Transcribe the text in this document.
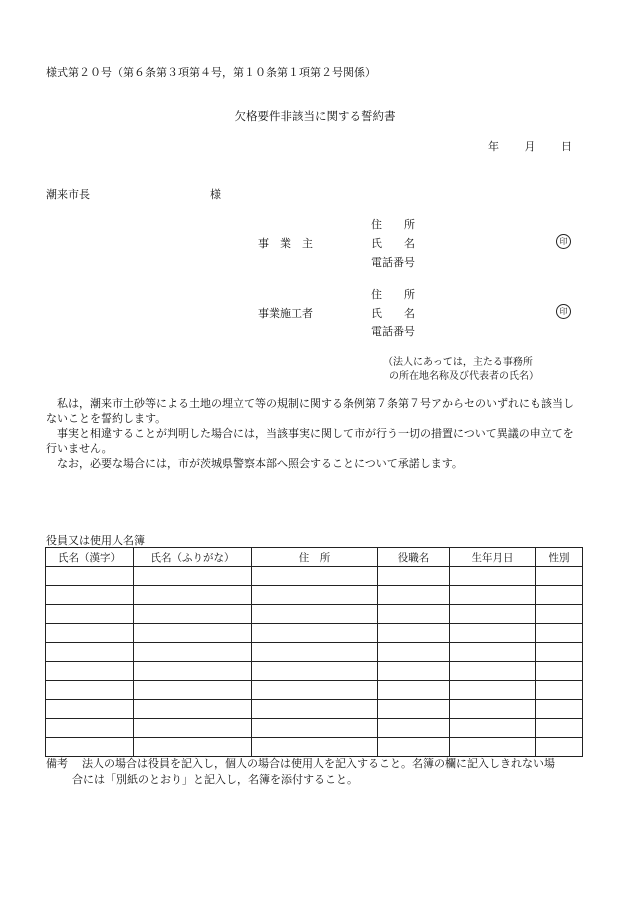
様式第２０号（第６条第３項第４号，第１０条第１項第２号関係）
欠格要件非該当に関する誓約書
年 月 日
潮来市長	様
住　　所
事　業　主	氏　　名	印
電話番号
住　　所
事業施工者	氏　　名	印
電話番号
（法人にあっては，主たる事務所
の所在地名称及び代表者の氏名）

私は，潮来市土砂等による土地の埋立て等の規制に関する条例第７条第７号アからセのいずれにも該当しないことを誓約します。

事実と相違することが判明した場合には，当該事実に関して市が行う一切の措置について異議の申立てを行いません。

なお，必要な場合には，市が茨城県警察本部へ照会することについて承諾します。

役員又は使用人名簿
氏名（漢字）	氏名（ふりがな）	住　所	役職名	生年月日	性別

備考 法人の場合は役員を記入し，個人の場合は使用人を記入すること。名簿の欄に記入しきれない場
合には「別紙のとおり」と記入し，名簿を添付すること。
